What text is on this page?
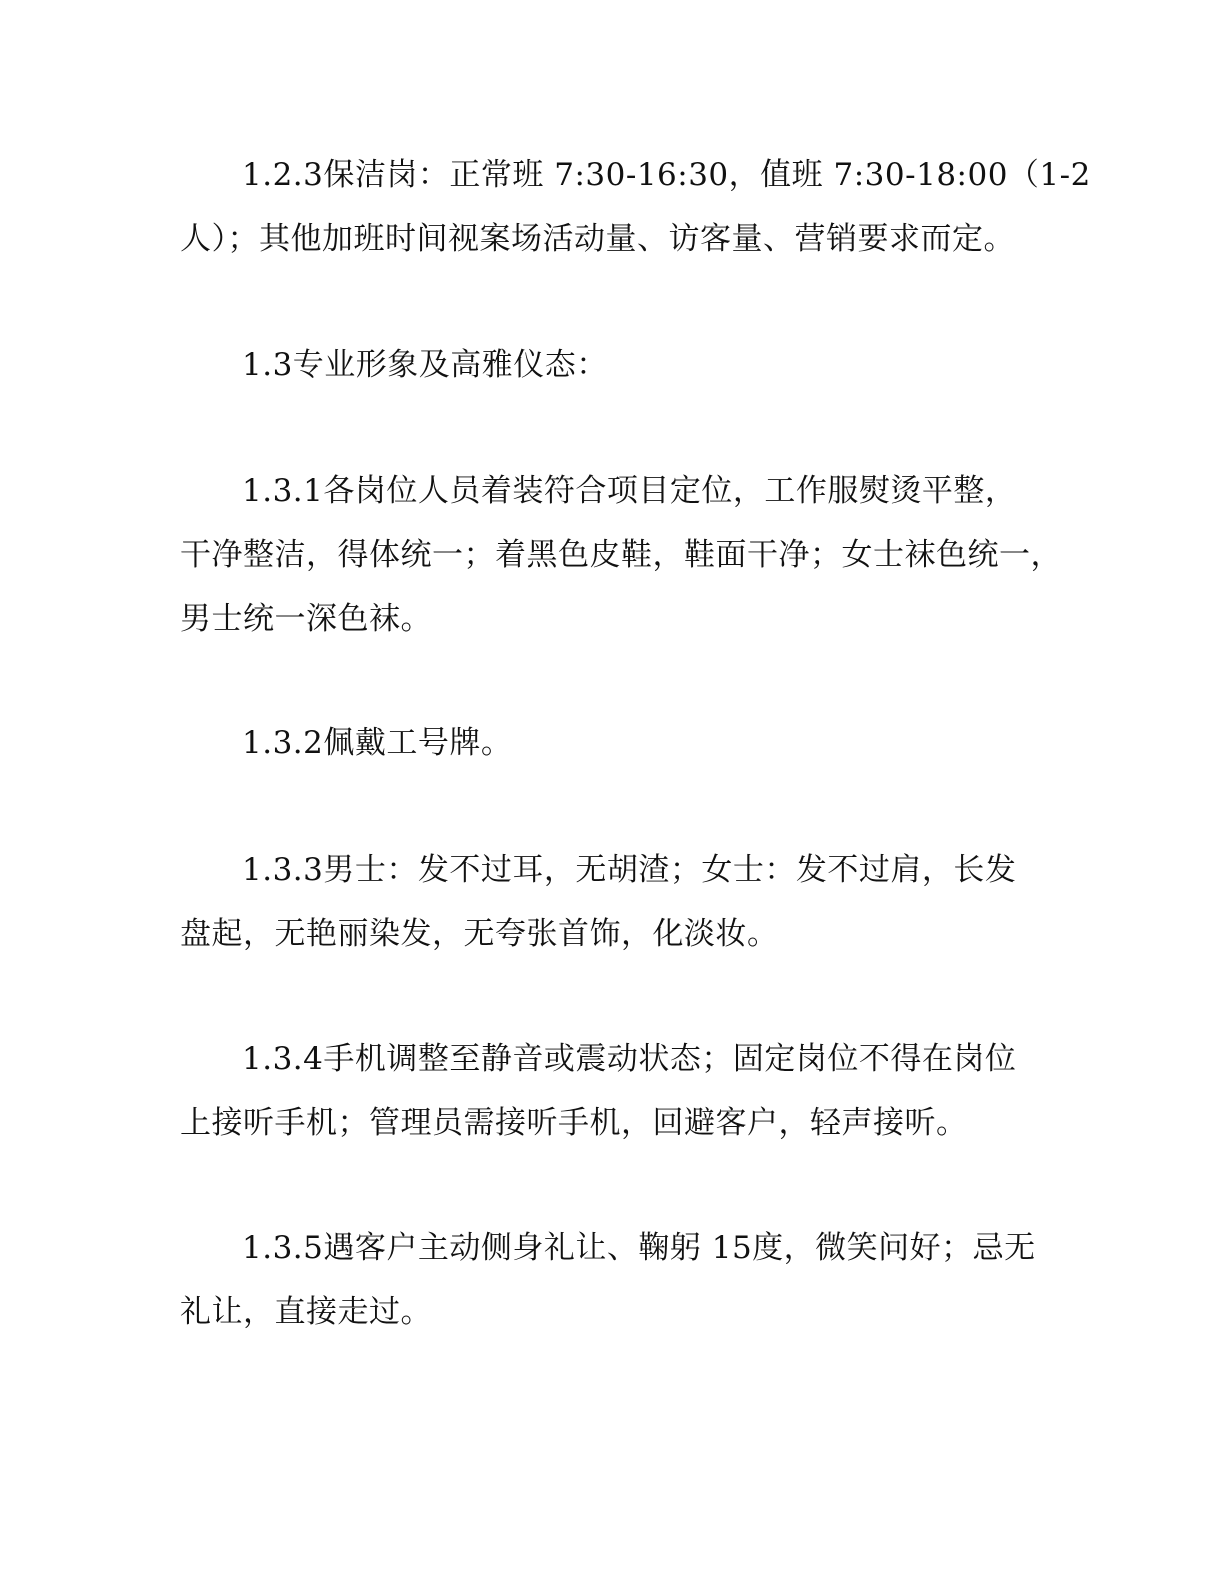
1.2.3保洁岗：正常班 7:30-16:30，值班 7:30-18:00（1-2
人）；其他加班时间视案场活动量、访客量、营销要求而定。

1.3专业形象及高雅仪态：

1.3.1各岗位人员着装符合项目定位，工作服熨烫平整，
干净整洁，得体统一；着黑色皮鞋，鞋面干净；女士袜色统一，
男士统一深色袜。

1.3.2佩戴工号牌。

1.3.3男士：发不过耳，无胡渣；女士：发不过肩，长发
盘起，无艳丽染发，无夸张首饰，化淡妆。

1.3.4手机调整至静音或震动状态；固定岗位不得在岗位
上接听手机；管理员需接听手机，回避客户，轻声接听。

1.3.5遇客户主动侧身礼让、鞠躬 15度，微笑问好；忌无
礼让，直接走过。
